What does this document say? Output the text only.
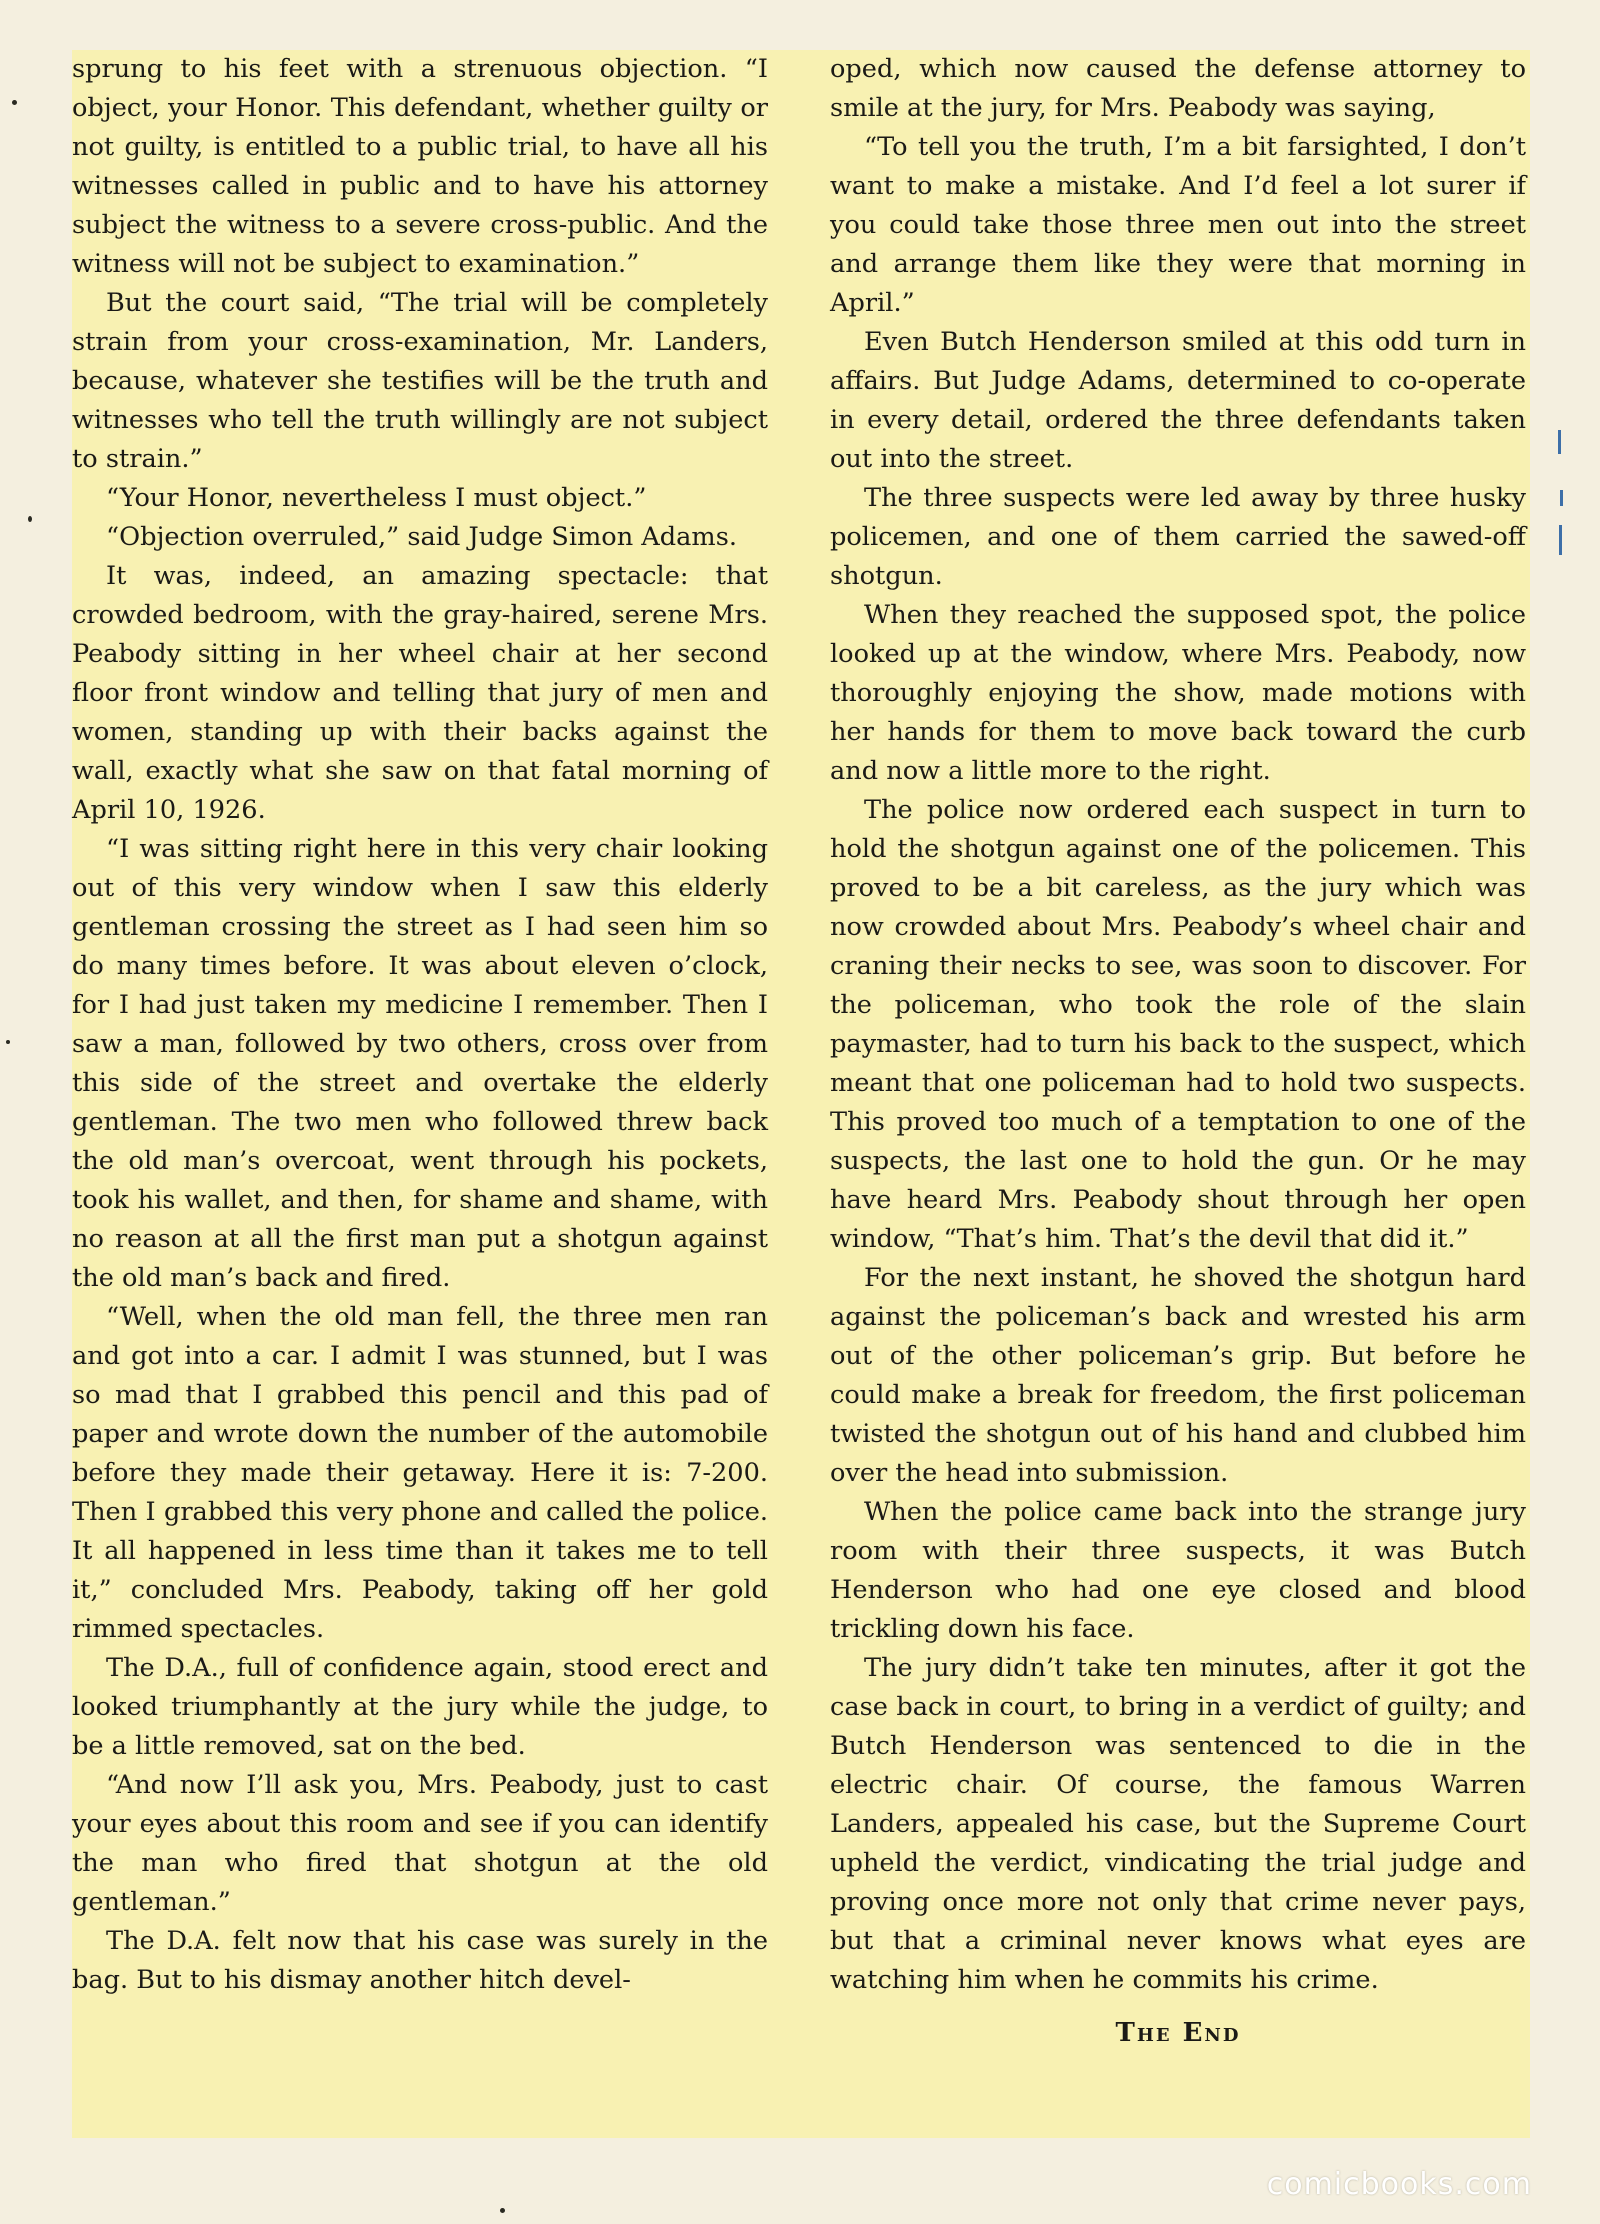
sprung to his feet with a strenuous objection. “I object, your Honor. This defendant, whether guilty or not guilty, is entitled to a public trial, to have all his witnesses called in public and to have his attorney subject the witness to a severe cross-public. And the witness will not be subject to examination.”

But the court said, “The trial will be completely strain from your cross-examination, Mr. Landers, because, whatever she testifies will be the truth and witnesses who tell the truth willingly are not subject to strain.”

“Your Honor, nevertheless I must object.”

“Objection overruled,” said Judge Simon Adams.

It was, indeed, an amazing spectacle: that crowded bedroom, with the gray-haired, serene Mrs. Peabody sitting in her wheel chair at her second floor front window and telling that jury of men and women, standing up with their backs against the wall, exactly what she saw on that fatal morning of April 10, 1926.

“I was sitting right here in this very chair looking out of this very window when I saw this elderly gentleman crossing the street as I had seen him so do many times before. It was about eleven o’clock, for I had just taken my medicine I remember. Then I saw a man, followed by two others, cross over from this side of the street and overtake the elderly gentleman. The two men who followed threw back the old man’s overcoat, went through his pockets, took his wallet, and then, for shame and shame, with no reason at all the first man put a shotgun against the old man’s back and fired.

“Well, when the old man fell, the three men ran and got into a car. I admit I was stunned, but I was so mad that I grabbed this pencil and this pad of paper and wrote down the number of the automobile before they made their getaway. Here it is: 7-200. Then I grabbed this very phone and called the police. It all happened in less time than it takes me to tell it,” concluded Mrs. Peabody, taking off her gold rimmed spectacles.

The D.A., full of confidence again, stood erect and looked triumphantly at the jury while the judge, to be a little removed, sat on the bed.

“And now I’ll ask you, Mrs. Peabody, just to cast your eyes about this room and see if you can identify the man who fired that shotgun at the old gentleman.”

The D.A. felt now that his case was surely in the bag. But to his dismay another hitch devel-

oped, which now caused the defense attorney to smile at the jury, for Mrs. Peabody was saying,

“To tell you the truth, I’m a bit farsighted, I don’t want to make a mistake. And I’d feel a lot surer if you could take those three men out into the street and arrange them like they were that morning in April.”

Even Butch Henderson smiled at this odd turn in affairs. But Judge Adams, determined to co-operate in every detail, ordered the three defendants taken out into the street.

The three suspects were led away by three husky policemen, and one of them carried the sawed-off shotgun.

When they reached the supposed spot, the police looked up at the window, where Mrs. Peabody, now thoroughly enjoying the show, made motions with her hands for them to move back toward the curb and now a little more to the right.

The police now ordered each suspect in turn to hold the shotgun against one of the policemen. This proved to be a bit careless, as the jury which was now crowded about Mrs. Peabody’s wheel chair and craning their necks to see, was soon to discover. For the policeman, who took the role of the slain paymaster, had to turn his back to the suspect, which meant that one policeman had to hold two suspects. This proved too much of a temptation to one of the suspects, the last one to hold the gun. Or he may have heard Mrs. Peabody shout through her open window, “That’s him. That’s the devil that did it.”

For the next instant, he shoved the shotgun hard against the policeman’s back and wrested his arm out of the other policeman’s grip. But before he could make a break for freedom, the first policeman twisted the shotgun out of his hand and clubbed him over the head into submission.

When the police came back into the strange jury room with their three suspects, it was Butch Henderson who had one eye closed and blood trickling down his face.

The jury didn’t take ten minutes, after it got the case back in court, to bring in a verdict of guilty; and Butch Henderson was sentenced to die in the electric chair. Of course, the famous Warren Landers, appealed his case, but the Supreme Court upheld the verdict, vindicating the trial judge and proving once more not only that crime never pays, but that a criminal never knows what eyes are watching him when he commits his crime.

The End
comicbooks.com
